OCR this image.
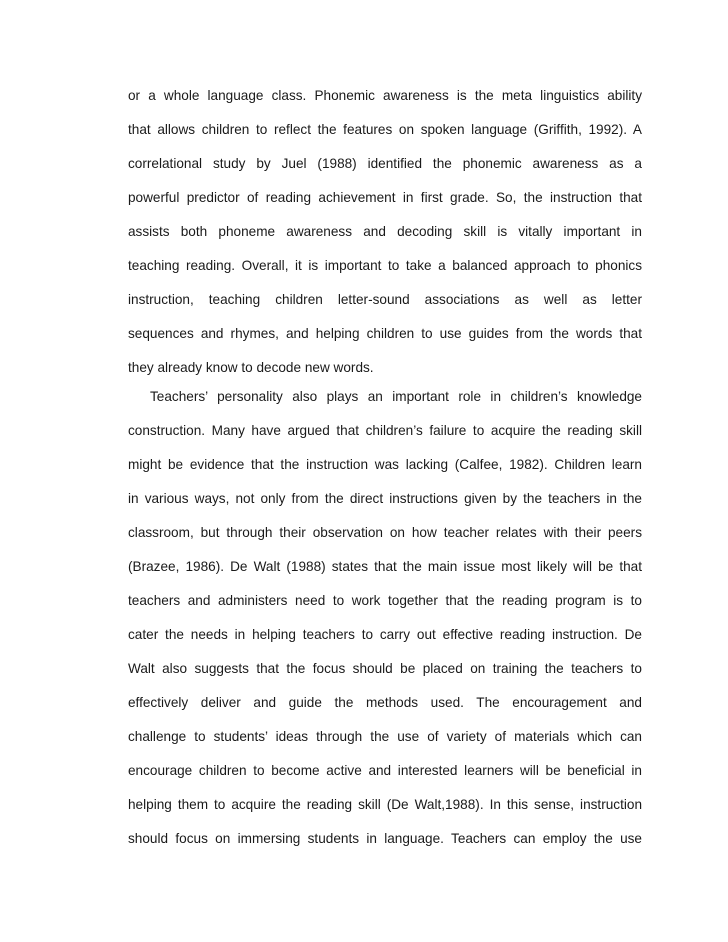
or a whole language class. Phonemic awareness is the meta linguistics ability
that allows children to reflect the features on spoken language (Griffith, 1992). A
correlational study by Juel (1988) identified the phonemic awareness as a
powerful predictor of reading achievement in first grade. So, the instruction that
assists both phoneme awareness and decoding skill is vitally important in
teaching reading. Overall, it is important to take a balanced approach to phonics
instruction, teaching children letter-sound associations as well as letter
sequences and rhymes, and helping children to use guides from the words that
they already know to decode new words.
Teachers’ personality also plays an important role in children’s knowledge
construction. Many have argued that children’s failure to acquire the reading skill
might be evidence that the instruction was lacking (Calfee, 1982). Children learn
in various ways, not only from the direct instructions given by the teachers in the
classroom, but through their observation on how teacher relates with their peers
(Brazee, 1986). De Walt (1988) states that the main issue most likely will be that
teachers and administers need to work together that the reading program is to
cater the needs in helping teachers to carry out effective reading instruction. De
Walt also suggests that the focus should be placed on training the teachers to
effectively deliver and guide the methods used. The encouragement and
challenge to students’ ideas through the use of variety of materials which can
encourage children to become active and interested learners will be beneficial in
helping them to acquire the reading skill (De Walt,1988). In this sense, instruction
should focus on immersing students in language. Teachers can employ the use
